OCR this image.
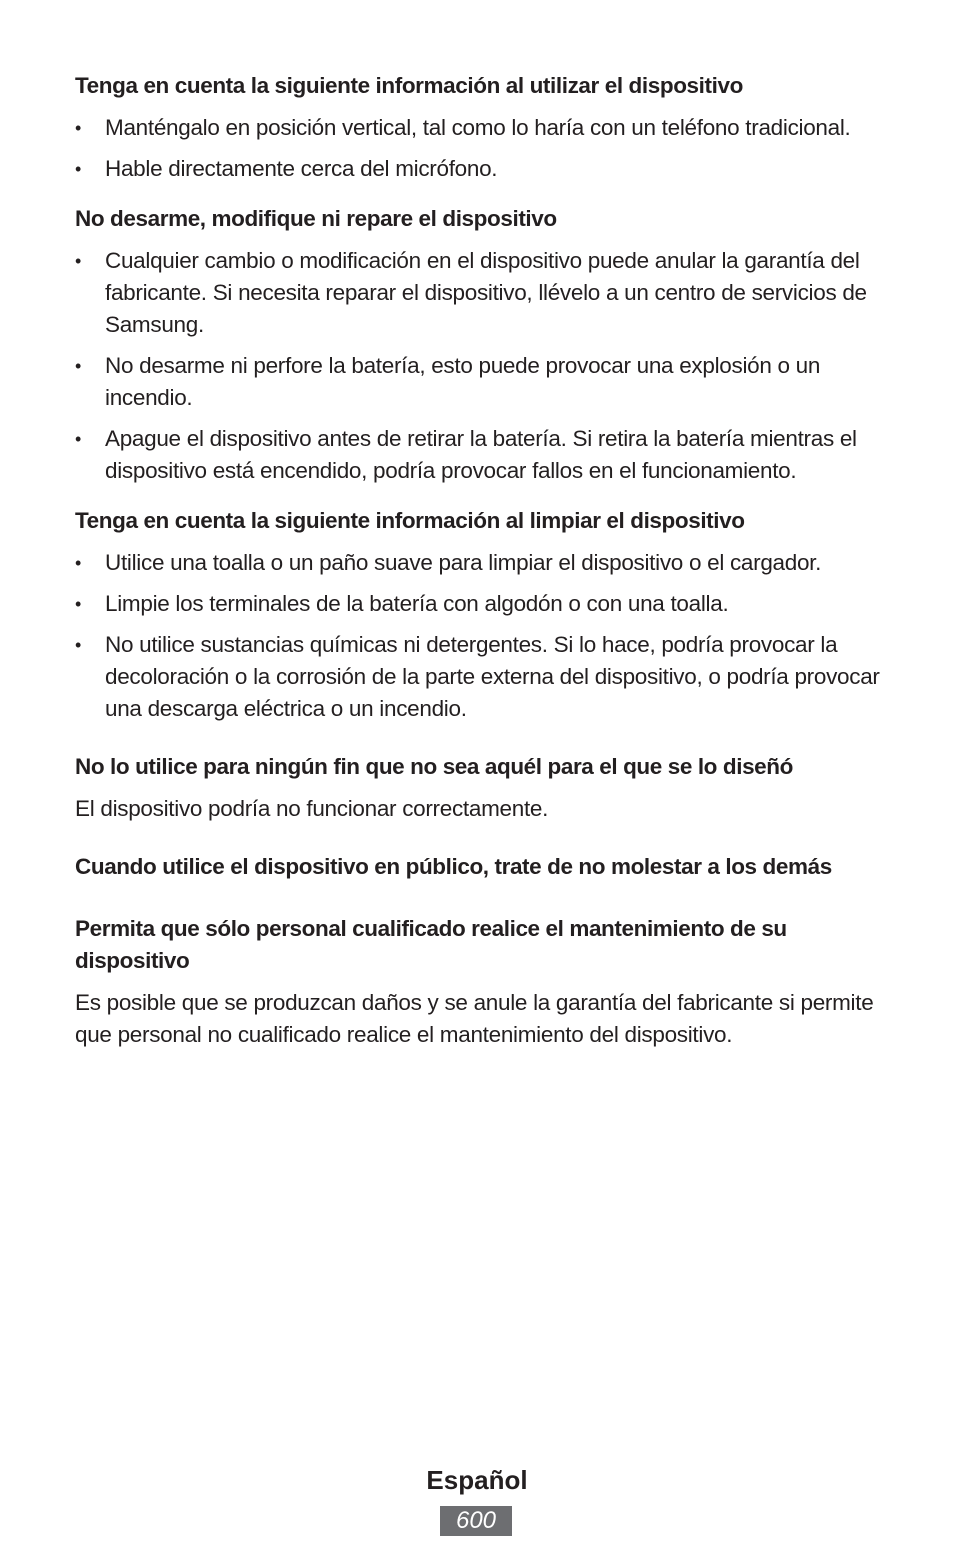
Tenga en cuenta la siguiente información al utilizar el dispositivo

•	Manténgalo en posición vertical, tal como lo haría con un teléfono tradicional.
•	Hable directamente cerca del micrófono.

No desarme, modifique ni repare el dispositivo

•	Cualquier cambio o modificación en el dispositivo puede anular la garantía del fabricante. Si necesita reparar el dispositivo, llévelo a un centro de servicios de Samsung.
•	No desarme ni perfore la batería, esto puede provocar una explosión o un incendio.
•	Apague el dispositivo antes de retirar la batería. Si retira la batería mientras el dispositivo está encendido, podría provocar fallos en el funcionamiento.

Tenga en cuenta la siguiente información al limpiar el dispositivo

•	Utilice una toalla o un paño suave para limpiar el dispositivo o el cargador.
•	Limpie los terminales de la batería con algodón o con una toalla.
•	No utilice sustancias químicas ni detergentes. Si lo hace, podría provocar la decoloración o la corrosión de la parte externa del dispositivo, o podría provocar una descarga eléctrica o un incendio.

No lo utilice para ningún fin que no sea aquél para el que se lo diseñó

El dispositivo podría no funcionar correctamente.

Cuando utilice el dispositivo en público, trate de no molestar a los demás

Permita que sólo personal cualificado realice el mantenimiento de su dispositivo

Es posible que se produzcan daños y se anule la garantía del fabricante si permite que personal no cualificado realice el mantenimiento del dispositivo.

Español
600
